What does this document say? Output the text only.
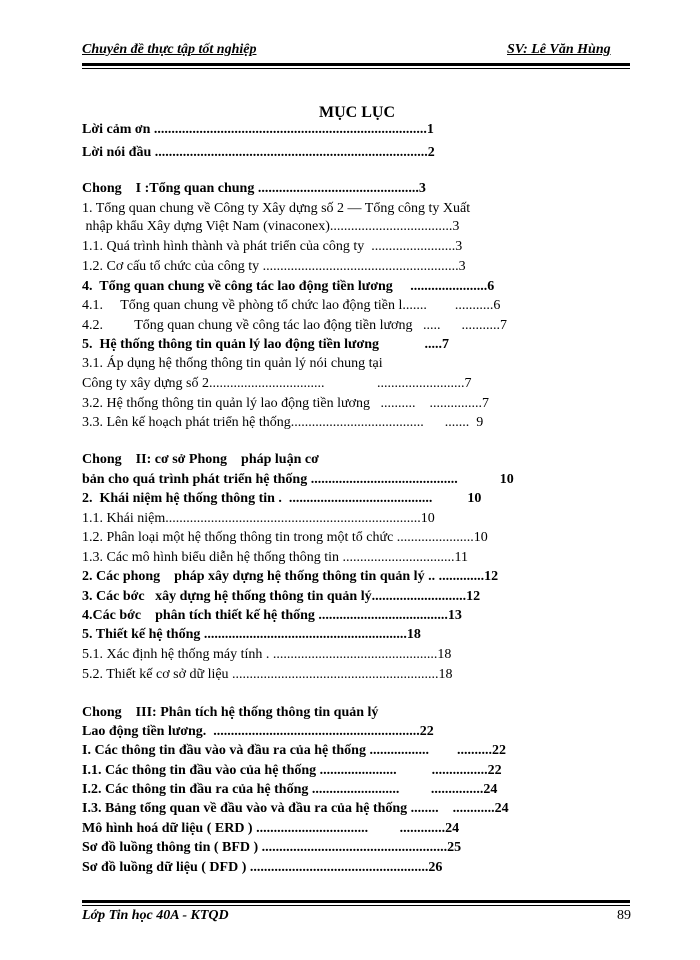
Chuyên đề thực tập tốt nghiệp	SV: Lê Văn Hùng
MỤC LỤC
Lời cảm ơn ..............................................................................1
Lời nói đầu ..............................................................................2
Chong    I :Tổng quan chung ..............................................3
1. Tổng quan chung về Công ty Xây dựng số 2 — Tổng công ty Xuất
nhập khẩu Xây dựng Việt Nam (vinaconex)...................................3
1.1. Quá trình hình thành và phát triển của công ty  ........................3
1.2. Cơ cấu tổ chức của công ty ........................................................3
4.  Tổng quan chung về công tác lao động tiền lương     ......................6
4.1.     Tổng quan chung về phòng tổ chức lao động tiền l.......        ...........6
4.2.         Tổng quan chung về công tác lao động tiền lương   .....      ...........7
5.  Hệ thống thông tin quản lý lao động tiền lương             .....7
3.1. Áp dụng hệ thống thông tin quản lý nói chung tại
Công ty xây dựng số 2.................................               .........................7
3.2. Hệ thống thông tin quản lý lao động tiền lương   ..........    ...............7
3.3. Lên kế hoạch phát triển hệ thống......................................      .......  9
Chong    II: cơ sở Phong    pháp luận cơ
bản cho quá trình phát triển hệ thống ..........................................            10
2.  Khái niệm hệ thống thông tin .  .........................................          10
1.1. Khái niệm.........................................................................10
1.2. Phân loại một hệ thống thông tin trong một tổ chức ......................10
1.3. Các mô hình biểu diễn hệ thống thông tin ................................11
2. Các phong    pháp xây dựng hệ thống thông tin quản lý .. .............12
3. Các bớc   xây dựng hệ thống thông tin quản lý...........................12
4.Các bớc    phân tích thiết kế hệ thống .....................................13
5. Thiết kế hệ thống ..........................................................18
5.1. Xác định hệ thống máy tính . ...............................................18
5.2. Thiết kế cơ sở dữ liệu ...........................................................18
Chong    III: Phân tích hệ thống thông tin quản lý
Lao động tiền lương.  ...........................................................22
I. Các thông tin đầu vào và đầu ra của hệ thống .................        ..........22
I.1. Các thông tin đầu vào của hệ thống ......................          ................22
I.2. Các thông tin đầu ra của hệ thống .........................         ...............24
I.3. Bảng tổng quan về đầu vào và đầu ra của hệ thống ........    ............24
Mô hình hoá dữ liệu ( ERD ) ................................         .............24
Sơ đồ luồng thông tin ( BFD ) .....................................................25
Sơ đồ luồng dữ liệu ( DFD ) ...................................................26
Lớp Tin học 40A - KTQD	89
